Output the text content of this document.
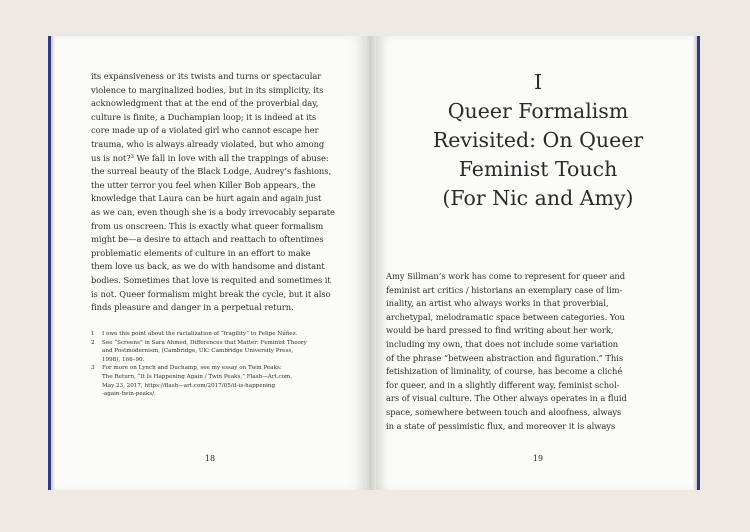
its expansiveness or its twists and turns or spectacular
violence to marginalized bodies, but in its simplicity, its
acknowledgment that at the end of the proverbial day,
culture is finite, a Duchampian loop; it is indeed at its
core made up of a violated girl who cannot escape her
trauma, who is always already violated, but who among
us is not?³ We fall in love with all the trappings of abuse:
the surreal beauty of the Black Lodge, Audrey’s fashions,
the utter terror you feel when Killer Bob appears, the
knowledge that Laura can be hurt again and again just
as we can, even though she is a body irrevocably separate
from us onscreen. This is exactly what queer formalism
might be—a desire to attach and reattach to oftentimes
problematic elements of culture in an effort to make
them love us back, as we do with handsome and distant
bodies. Sometimes that love is requited and sometimes it
is not. Queer formalism might break the cycle, but it also
finds pleasure and danger in a perpetual return.
1	I owe this point about the racialization of “fragility” to Felipe Núñez.
2	See “Screens” in Sara Ahmed, Differences that Matter: Feminist Theory
and Postmodernism, (Cambridge, UK: Cambridge University Press,
1998), 166–90.
3	For more on Lynch and Duchamp, see my essay on Twin Peaks:
The Return, “It Is Happening Again / Twin Peaks,” Flash—Art.com,
May 23, 2017, https://flash—art.com/2017/05/it-is-happening
-again-twin-peaks/.
18
I
Queer Formalism
Revisited: On Queer
Feminist Touch
(For Nic and Amy)
Amy Sillman’s work has come to represent for queer and
feminist art critics / historians an exemplary case of lim-
inality, an artist who always works in that proverbial,
archetypal, melodramatic space between categories. You
would be hard pressed to find writing about her work,
including my own, that does not include some variation
of the phrase “between abstraction and figuration.” This
fetishization of liminality, of course, has become a cliché
for queer, and in a slightly different way, feminist schol-
ars of visual culture. The Other always operates in a fluid
space, somewhere between touch and aloofness, always
in a state of pessimistic flux, and moreover it is always
19
